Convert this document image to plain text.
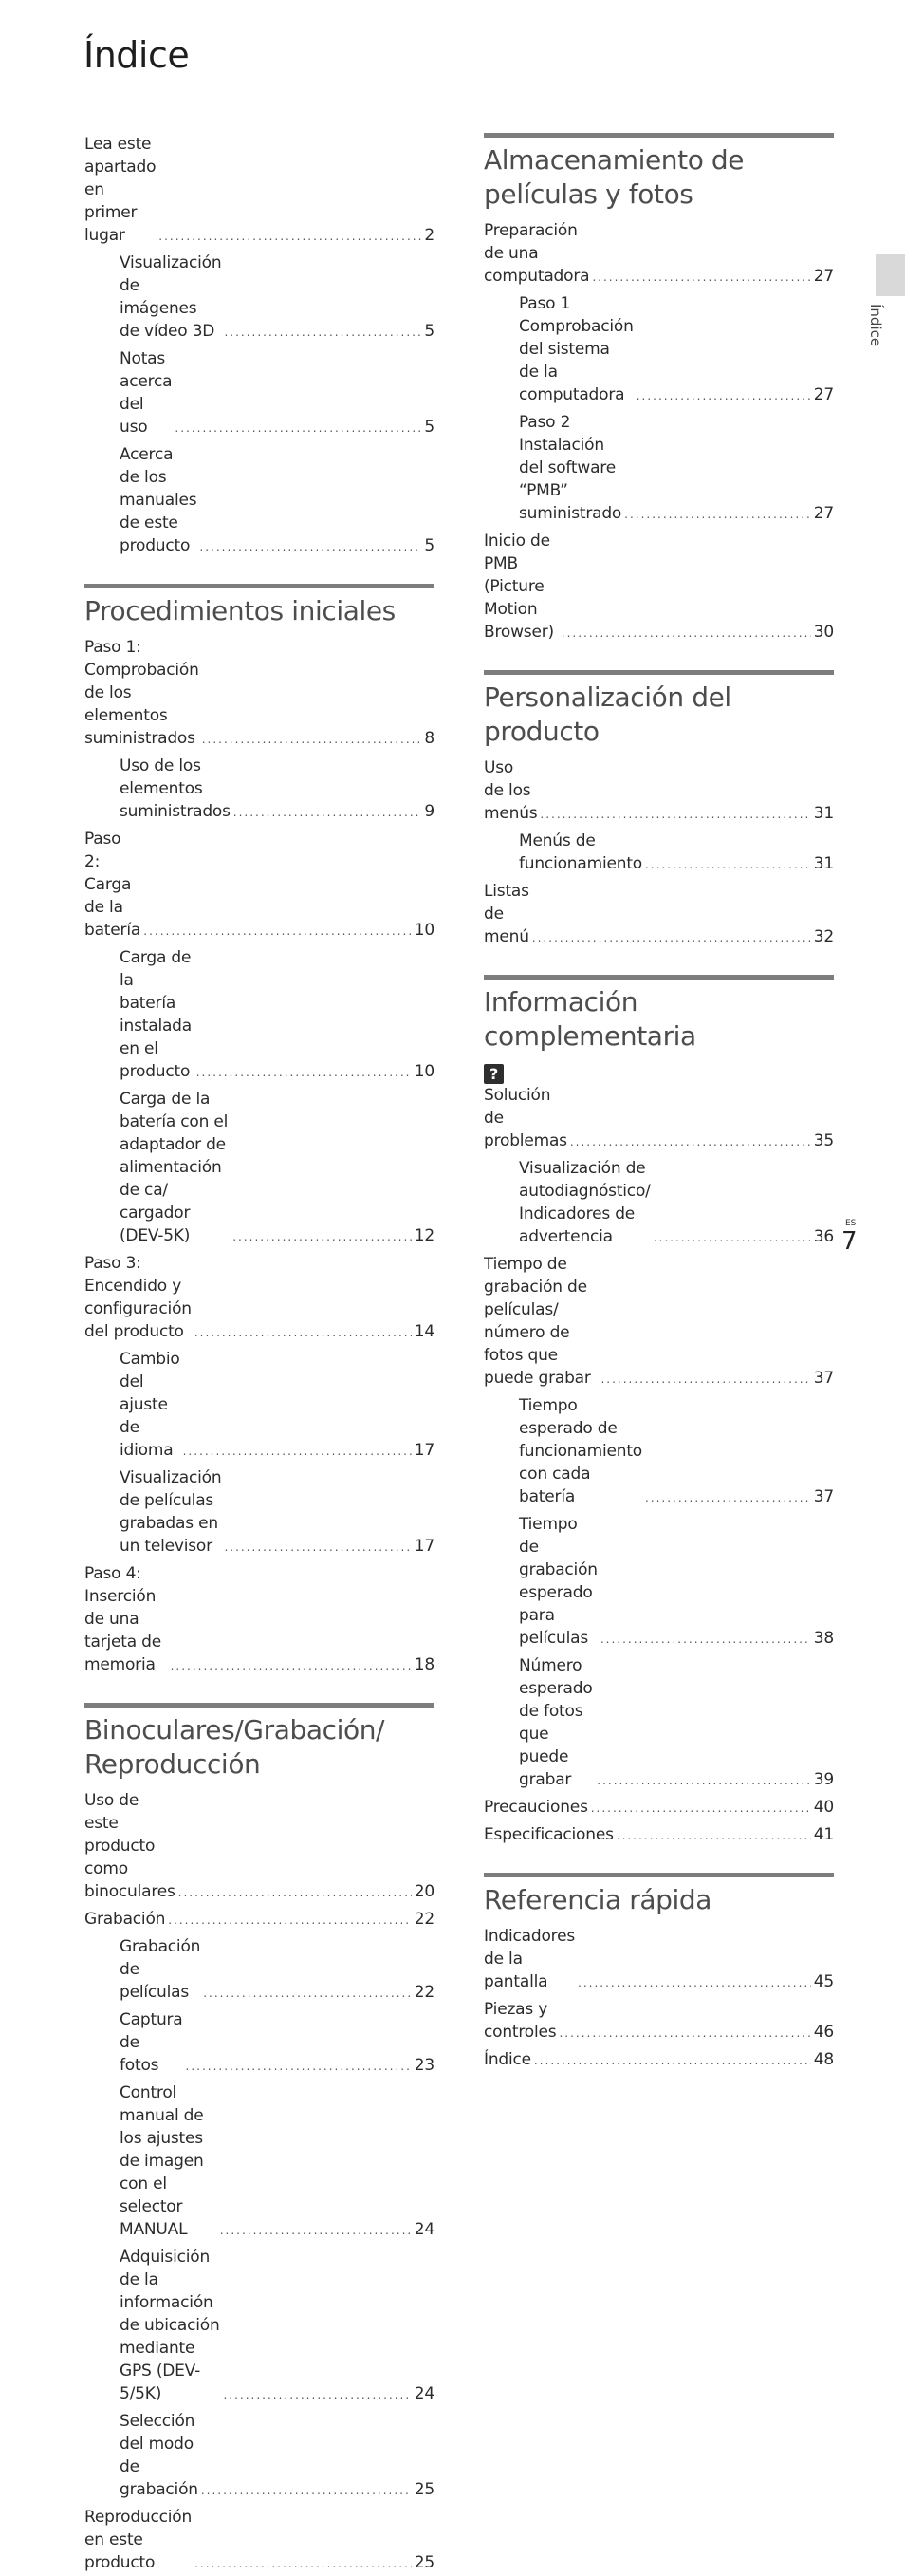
Índice
Lea este apartado en primer lugar .....	2
Visualización de imágenes de vídeo 3D .....	5
Notas acerca del uso .....	5
Acerca de los manuales de este producto .....	5
Procedimientos iniciales
Paso 1: Comprobación de los elementos suministrados .....	8
Uso de los elementos suministrados .....	9
Paso 2: Carga de la batería .....	10
Carga de la batería instalada en el producto .....	10
Carga de la batería con el adaptador de alimentación de ca/ cargador (DEV-5K) .....	12
Paso 3: Encendido y configuración del producto .....	14
Cambio del ajuste de idioma .....	17
Visualización de películas grabadas en un televisor .....	17
Paso 4: Inserción de una tarjeta de memoria .....	18
Binoculares/Grabación/ Reproducción
Uso de este producto como binoculares .....	20
Grabación .....	22
Grabación de películas .....	22
Captura de fotos .....	23
Control manual de los ajustes de imagen con el selector MANUAL .....	24
Adquisición de la información de ubicación mediante GPS (DEV-5/5K) .....	24
Selección del modo de grabación .....	25
Reproducción en este producto .....	25
Almacenamiento de películas y fotos
Preparación de una computadora .....	27
Paso 1 Comprobación del sistema de la computadora .....	27
Paso 2 Instalación del software “PMB” suministrado .....	27
Inicio de PMB (Picture Motion Browser) .....	30
Personalización del producto
Uso de los menús .....	31
Menús de funcionamiento .....	31
Listas de menú .....	32
Información complementaria
?Solución de problemas .....	35
Visualización de autodiagnóstico/ Indicadores de advertencia .....	36
Tiempo de grabación de películas/ número de fotos que puede grabar .....	37
Tiempo esperado de funcionamiento con cada batería .....	37
Tiempo de grabación esperado para películas .....	38
Número esperado de fotos que puede grabar .....	39
Precauciones .....	40
Especificaciones .....	41
Referencia rápida
Indicadores de la pantalla .....	45
Piezas y controles .....	46
Índice .....	48
Índice
ES
7
